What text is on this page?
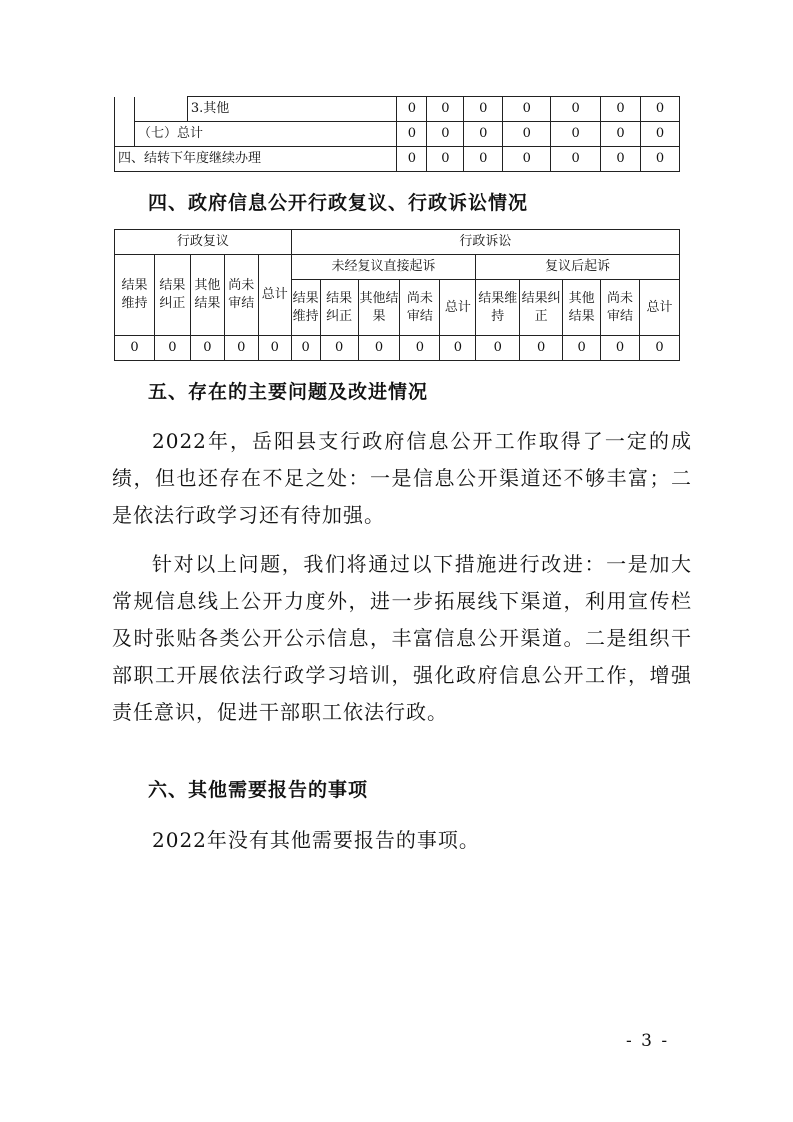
		3.其他	0	0	0	0	0	0	0
	（七）总计		0	0	0	0	0	0	0
四、结转下年度继续办理			0	0	0	0	0	0	0
四、政府信息公开行政复议、行政诉讼情况
行政复议					行政诉讼									
结果维持	结果纠正	其他结果	尚未审结	总计	未经复议直接起诉					复议后起诉				
					结果维持	结果纠正	其他结果	尚未审结	总计	结果维持	结果纠正	其他结果	尚未审结	总计
0	0	0	0	0	0	0	0	0	0	0	0	0	0	0
五、存在的主要问题及改进情况

2022年，岳阳县支行政府信息公开工作取得了一定的成绩，但也还存在不足之处：一是信息公开渠道还不够丰富；二是依法行政学习还有待加强。

针对以上问题，我们将通过以下措施进行改进：一是加大常规信息线上公开力度外，进一步拓展线下渠道，利用宣传栏及时张贴各类公开公示信息，丰富信息公开渠道。二是组织干部职工开展依法行政学习培训，强化政府信息公开工作，增强责任意识，促进干部职工依法行政。

六、其他需要报告的事项

2022年没有其他需要报告的事项。

- 3 -
